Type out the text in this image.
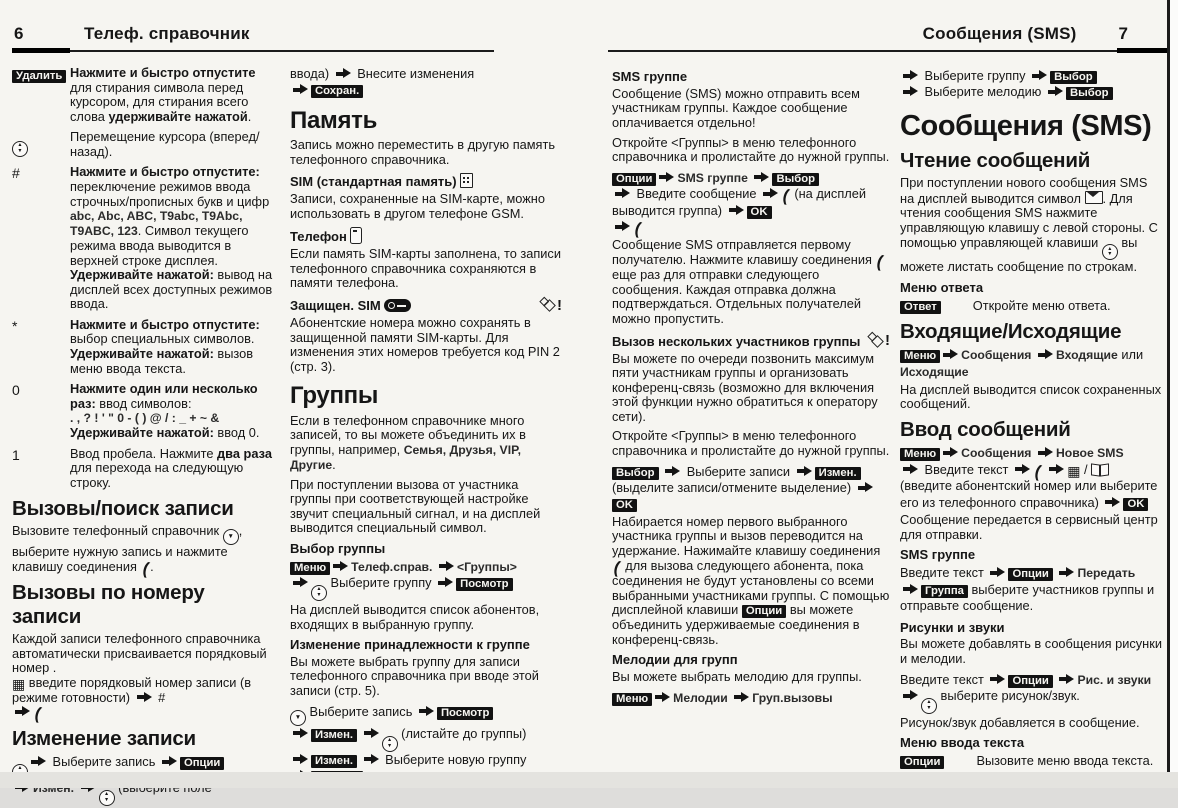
6	Телеф. справочник
Удалить Нажмите и быстро отпустите для стирания символа перед курсором, для стирания всего слова удерживайте нажатой.
▲
▼
Перемещение курсора (вперед/назад).
#	Нажмите и быстро отпустите: переключение режимов ввода строчных/прописных букв и цифр abc, Abc, ABC, T9abc, T9Abc, T9ABC, 123. Символ текущего режима ввода выводится в верхней строке дисплея.
Удерживайте нажатой: вывод на дисплей всех доступных режимов ввода.
*	Нажмите и быстро отпустите: выбор специальных символов.
Удерживайте нажатой: вызов меню ввода текста.
0	Нажмите один или несколько раз: ввод символов:
. , ? ! ' " 0 - ( ) @ / : _ + ~ &
Удерживайте нажатой: ввод 0.
1	Ввод пробела. Нажмите два раза для перехода на следующую строку.
Вызовы/поиск записи
Вызовите телефонный справочник ▼ , выберите нужную запись и нажмите клавишу соединения (.
Вызовы по номеру записи
Каждой записи телефонного справочника автоматически присваивается порядковый номер .
▦ введите порядковый номер записи (в режиме готовности)  #
(
Изменение записи
▲ Выберите запись Опции

▲
▼
ввода)  Внесите изменения
Сохран.
Память
Запись можно переместить в другую память телефонного справочника.
SIM (стандартная память)
Записи, сохраненные на SIM-карте, можно использовать в другом телефоне GSM.
Телефон
Если память SIM-карты заполнена, то записи телефонного справочника сохраняются в памяти телефона.
Защищен. SIM	!
Абонентские номера можно сохранять в защищенной памяти SIM-карты. Для изменения этих номеров требуется код PIN 2 (стр. 3).
Группы
Если в телефонном справочнике много записей, то вы можете объединить их в группы, например, Семья, Друзья, VIP, Другие.
При поступлении вызова от участника группы при соответствующей настройке звучит специальный сигнал, и на дисплей выводится специальный символ.
Выбор группы
Меню Телеф.справ. <Группы>

▲
▼
Выберите группу Посмотр
На дисплей выводится список абонентов, входящих в выбранную группу.
Изменение принадлежности к группе
Вы можете выбрать группу для записи телефонного справочника при вводе этой записи (стр. 5).
▼ Выберите запись Посмотр
Измен.	▲
▼
(листайте до группы)
Измен.  Выберите новую группу

Сообщения (SMS) 7
SMS группе
Сообщение (SMS) можно отправить всем участникам группы. Каждое сообщение оплачивается отдельно!
Откройте <Группы> в меню телефонного справочника и пролистайте до нужной группы.
Опции SMS группе	Выбор
Введите сообщение ( (на дисплей выводится группа) OK
(
Сообщение SMS отправляется первому получателю. Нажмите клавишу соединения ( еще раз для отправки следующего сообщения. Каждая отправка должна подтверждаться. Отдельных получателей можно пропустить.
Вызов нескольких участников группы	!
Вы можете по очереди позвонить максимум пяти участникам группы и организовать конференц-связь (возможно для включения этой функции нужно обратиться к оператору сети).
Откройте <Группы> в меню телефонного справочника и пролистайте до нужной группы.
Выбор  Выберите записи Измен.
(выделите записи/отмените выделение) OK
Набирается номер первого выбранного участника группы и вызов переводится на удержание. Нажимайте клавишу соединения ( для вызова следующего абонента, пока соединения не будут установлены со всеми выбранными участниками группы. С помощью дисплейной клавиши Опции вы можете объединить удерживаемые соединения в конференц-связь.
Мелодии для групп
Вы можете выбрать мелодию для группы.
Меню Мелодии Груп.вызовы
Выберите группу Выбор
Выберите мелодию Выбор
Сообщения (SMS)
Чтение сообщений
При поступлении нового сообщения SMS на дисплей выводится символ . Для чтения сообщения SMS нажмите управляющую клавишу с левой стороны. С помощью управляющей клавиши ▲
▼
вы можете листать сообщение по строкам.
Меню ответа
Ответ	Откройте меню ответа.
Входящие/Исходящие
Меню Сообщения Входящие или Исходящие
На дисплей выводится список сохраненных сообщений.
Ввод сообщений
Меню Сообщения Новое SMS
Введите текст ( ▦ /
(введите абонентский номер или выберите его из телефонного справочника) OK
Сообщение передается в сервисный центр для отправки.
SMS группе
Введите текст Опции Передать
Группа выберите участников группы и отправьте сообщение.
Рисунки и звуки
Вы можете добавлять в сообщения рисунки и мелодии.
Введите текст Опции Рис. и звуки

▲
▼
выберите рисунок/звук.
Рисунок/звук добавляется в сообщение.
Меню ввода текста
Опции	Вызовите меню ввода текста.
